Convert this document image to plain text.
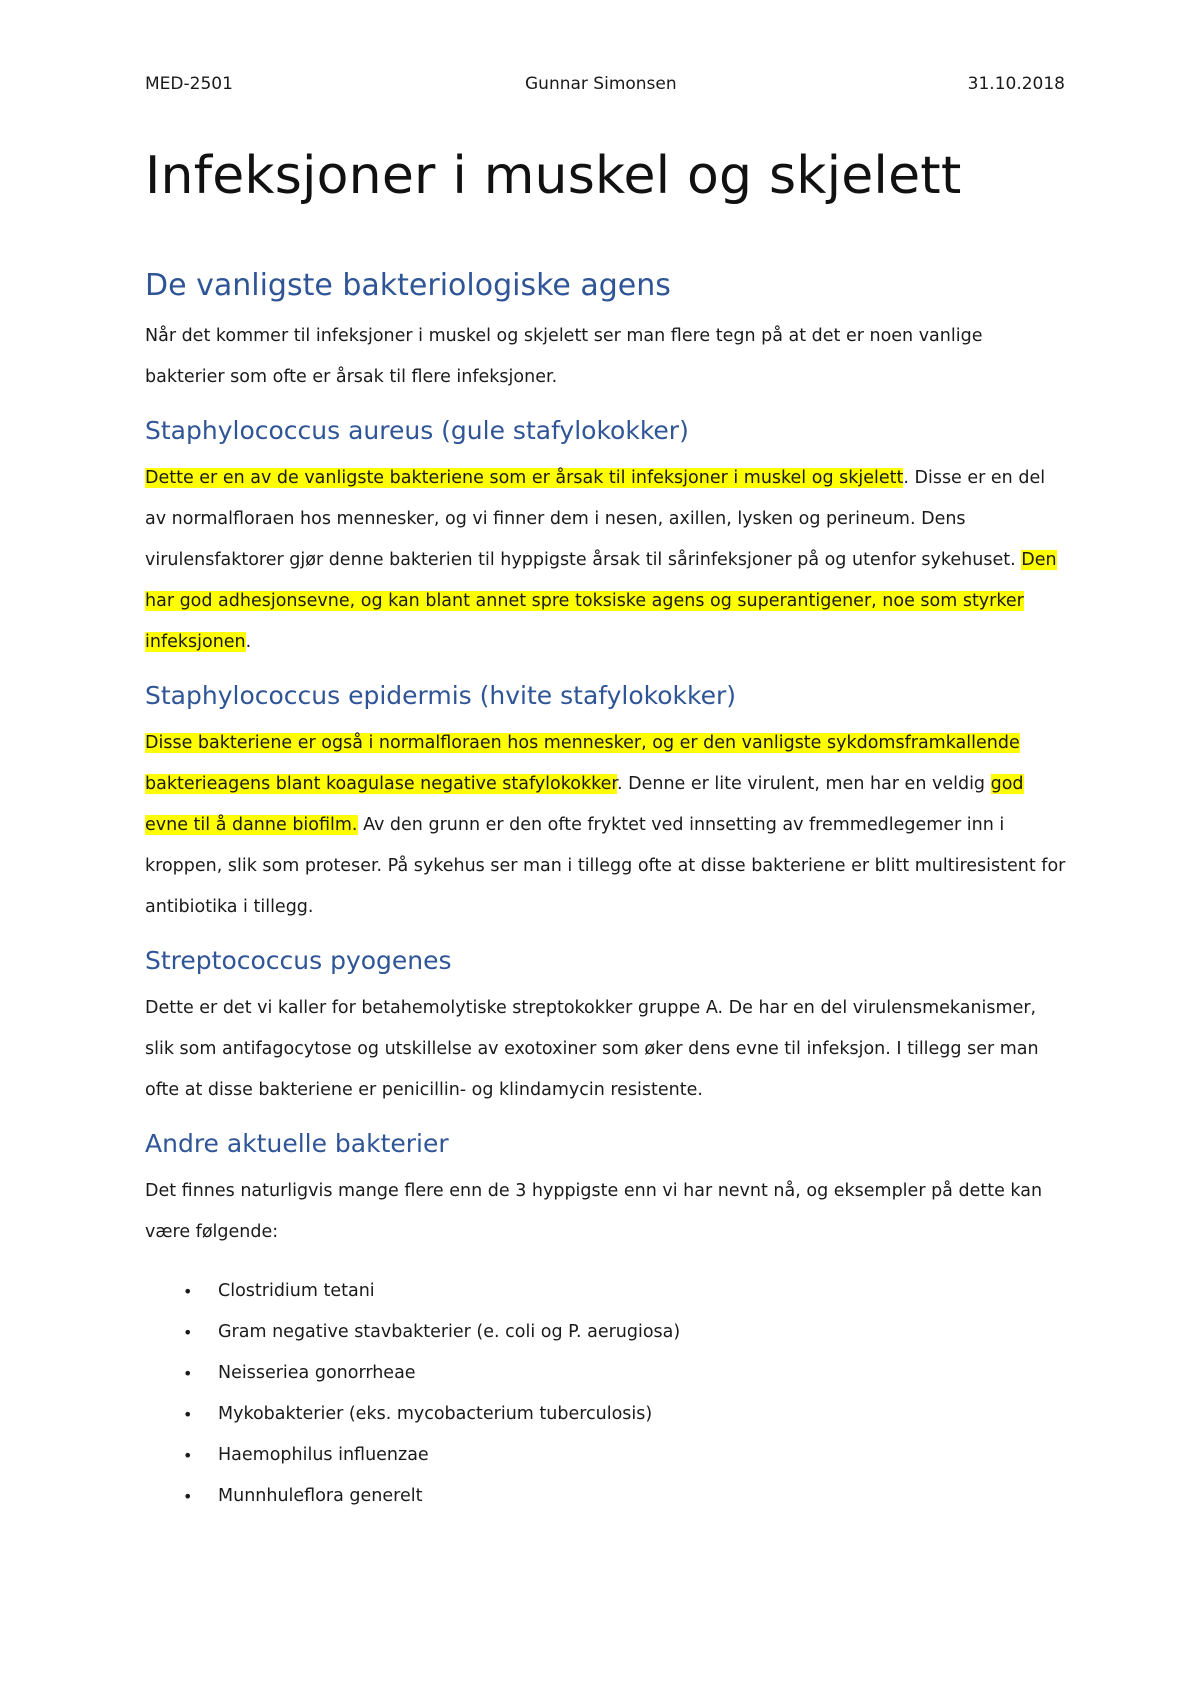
MED-2501	Gunnar Simonsen	31.10.2018
Infeksjoner i muskel og skjelett
De vanligste bakteriologiske agens

Når det kommer til infeksjoner i muskel og skjelett ser man flere tegn på at det er noen vanlige bakterier som ofte er årsak til flere infeksjoner.

Staphylococcus aureus (gule stafylokokker)

Dette er en av de vanligste bakteriene som er årsak til infeksjoner i muskel og skjelett. Disse er en del av normalfloraen hos mennesker, og vi finner dem i nesen, axillen, lysken og perineum. Dens virulensfaktorer gjør denne bakterien til hyppigste årsak til sårinfeksjoner på og utenfor sykehuset. Den har god adhesjonsevne, og kan blant annet spre toksiske agens og superantigener, noe som styrker infeksjonen.

Staphylococcus epidermis (hvite stafylokokker)

Disse bakteriene er også i normalfloraen hos mennesker, og er den vanligste sykdomsframkallende bakterieagens blant koagulase negative stafylokokker. Denne er lite virulent, men har en veldig god evne til å danne biofilm. Av den grunn er den ofte fryktet ved innsetting av fremmedlegemer inn i kroppen, slik som proteser. På sykehus ser man i tillegg ofte at disse bakteriene er blitt multiresistent for antibiotika i tillegg.

Streptococcus pyogenes

Dette er det vi kaller for betahemolytiske streptokokker gruppe A. De har en del virulensmekanismer, slik som antifagocytose og utskillelse av exotoxiner som øker dens evne til infeksjon. I tillegg ser man ofte at disse bakteriene er penicillin- og klindamycin resistente.

Andre aktuelle bakterier

Det finnes naturligvis mange flere enn de 3 hyppigste enn vi har nevnt nå, og eksempler på dette kan være følgende:

• Clostridium tetani
• Gram negative stavbakterier (e. coli og P. aerugiosa)
• Neisseriea gonorrheae
• Mykobakterier (eks. mycobacterium tuberculosis)
• Haemophilus influenzae
• Munnhuleflora generelt
